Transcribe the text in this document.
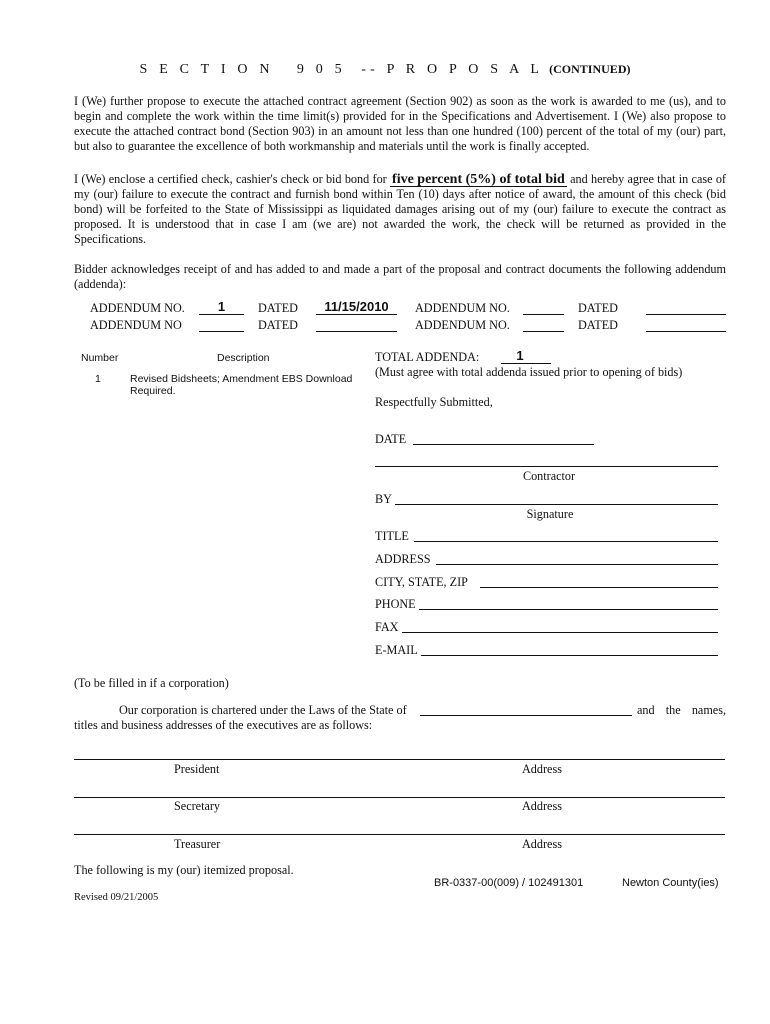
S E C T I O N   9 0 5  -- P R O P O S A L (CONTINUED)
I (We) further propose to execute the attached contract agreement (Section 902) as soon as the work is awarded to me (us), and to begin and complete the work within the time limit(s) provided for in the Specifications and Advertisement. I (We) also propose to execute the attached contract bond (Section 903) in an amount not less than one hundred (100) percent of the total of my (our) part, but also to guarantee the excellence of both workmanship and materials until the work is finally accepted.
I (We) enclose a certified check, cashier's check or bid bond for five percent (5%) of total bid and hereby agree that in case of my (our) failure to execute the contract and furnish bond within Ten (10) days after notice of award, the amount of this check (bid bond) will be forfeited to the State of Mississippi as liquidated damages arising out of my (our) failure to execute the contract as proposed. It is understood that in case I am (we are) not awarded the work, the check will be returned as provided in the Specifications.
Bidder acknowledges receipt of and has added to and made a part of the proposal and contract documents the following addendum (addenda):
ADDENDUM NO.	1	DATED	11/15/2010	ADDENDUM NO.	DATED
ADDENDUM NO	DATED	ADDENDUM NO.	DATED
Number	Description
1	Revised Bidsheets; Amendment EBS Download Required.
TOTAL ADDENDA:	1
(Must agree with total addenda issued prior to opening of bids)
Respectfully Submitted,
DATE
Contractor
BY
Signature
TITLE
ADDRESS
CITY, STATE, ZIP
PHONE
FAX
E-MAIL
(To be filled in if a corporation)
Our corporation is chartered under the Laws of the State of	and the names,
titles and business addresses of the executives are as follows:
President	Address
Secretary	Address
Treasurer	Address
The following is my (our) itemized proposal.
BR-0337-00(009) / 102491301	Newton County(ies)
Revised 09/21/2005
